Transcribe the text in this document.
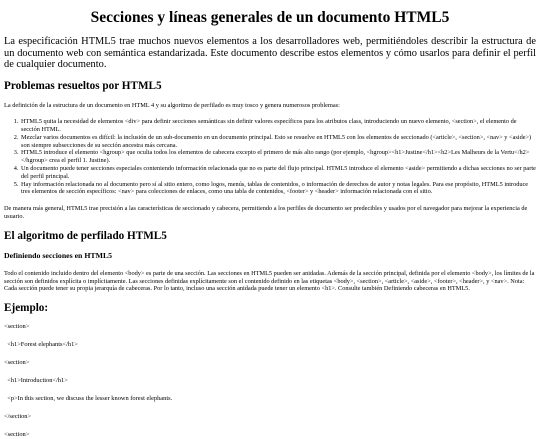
Secciones y líneas generales de un documento HTML5

La especificación HTML5 trae muchos nuevos elementos a los desarrolladores web, permitiéndoles describir la estructura de un documento web con semántica estandarizada. Este documento describe estos elementos y cómo usarlos para definir el perfil de cualquier documento.

Problemas resueltos por HTML5

La definición de la estructura de un documento en HTML 4 y su algoritmo de perfilado es muy tosco y genera numerosos problemas:

1. HTML5 quita la necesidad de elementos <div> para definir secciones semánticas sin definir valores específicos para los atributos class, introduciendo un nuevo elemento, <section>, el elemento de sección HTML.
2. Mezclar varios documentos es difícil: la inclusión de un sub-documento en un documento principal. Esto se resuelve en HTML5 con los elementos de seccionado (<article>, <section>, <nav> y <aside>) son siempre subsecciones de su sección ancestra más cercana.
3. HTML5 introduce el elemento <hgroup> que oculta todos los elementos de cabecera excepto el primero de más alto rango (por ejemplo, <hgroup><h1>Justine</h1><h2>Les Malheurs de la Vertu</h2></hgroup> crea el perfil 1. Justine).
4. Un documento puede tener secciones especiales conteniendo información relacionada que no es parte del flujo principal. HTML5 introduce el elemento <aside> permitiendo a dichas secciones no ser parte del perfil principal.
5. Hay información relacionada no al documento pero sí al sitio entero, como logos, menús, tablas de contenidos, o información de derechos de autor y notas legales. Para ese propósito, HTML5 introduce tres elementos de sección específicos: <nav> para colecciones de enlaces, como una tabla de contenidos, <footer> y <header> información relacionada con el sitio.

De manera más general, HTML5 trae precisión a las características de seccionado y cabecera, permitiendo a los perfiles de documento ser predecibles y usados por el navegador para mejorar la experiencia de usuario.

El algoritmo de perfilado HTML5
Definiendo secciones en HTML5

Todo el contenido incluido dentro del elemento <body> es parte de una sección. Las secciones en HTML5 pueden ser anidadas. Además de la sección principal, definida por el elemento <body>, los límites de la sección son definidos explícita o implícitamente. Las secciones definidas explícitamente son el contenido definido en las etiquetas <body>, <section>, <article>, <aside>, <footer>, <header>, y <nav>. Nota: Cada sección puede tener su propia jerarquía de cabeceras. Por lo tanto, incluso una sección anidada puede tener un elemento <h1>. Consulte también Definiendo cabeceras en HTML5.

Ejemplo:
<section>
<h1>Forest elephants</h1>
<section>
<h1>Introduction</h1>
<p>In this section, we discuss the lesser known forest elephants.
</section>
<section>
